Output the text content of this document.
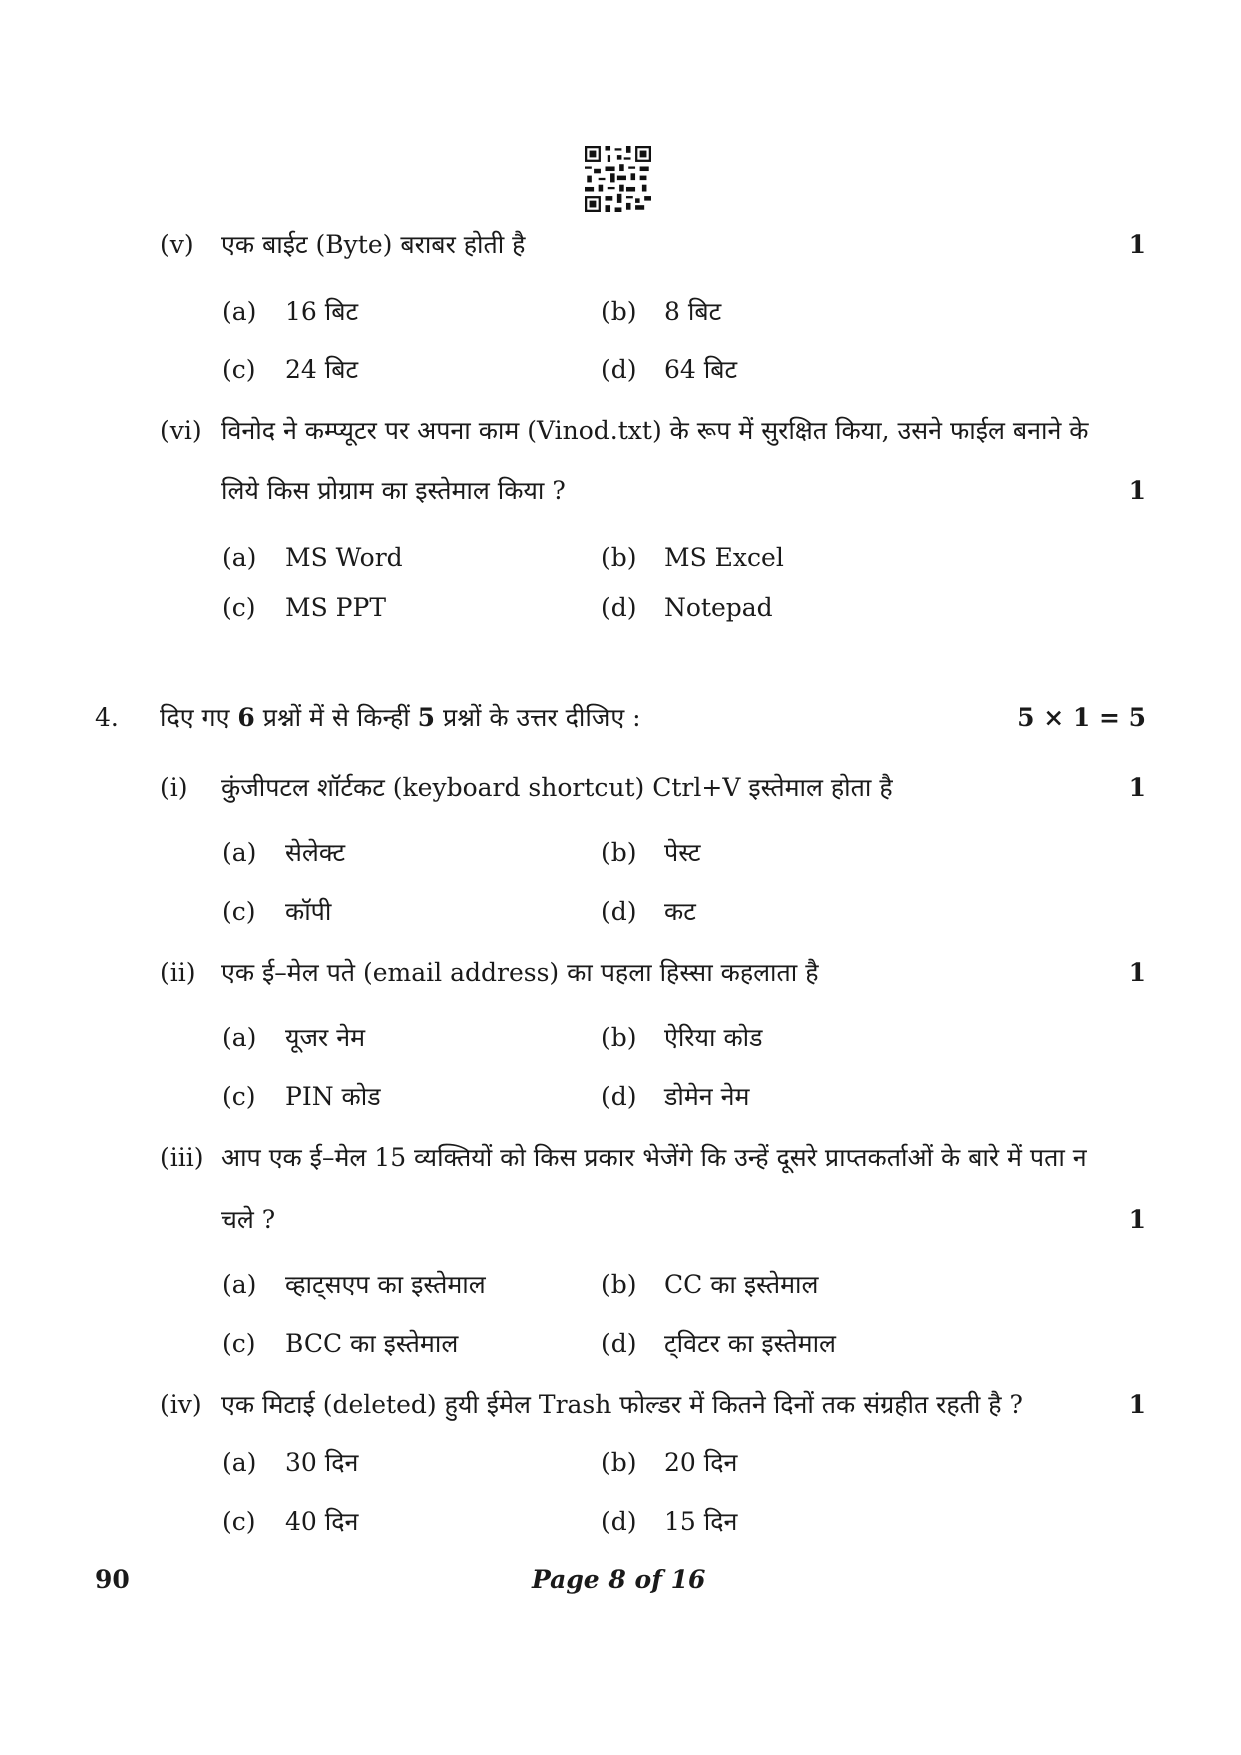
(v) एक बाईट (Byte) बराबर होती है	1
(a) 16 बिट	(b) 8 बिट
(c) 24 बिट	(d) 64 बिट
(vi) विनोद ने कम्प्यूटर पर अपना काम (Vinod.txt) के रूप में सुरक्षित किया, उसने फाईल बनाने के
लिये किस प्रोग्राम का इस्तेमाल किया ?	1
(a) MS Word	(b) MS Excel
(c) MS PPT	(d) Notepad
4. दिए गए 6 प्रश्नों में से किन्हीं 5 प्रश्नों के उत्तर दीजिए :	5 × 1 = 5
(i) कुंजीपटल शॉर्टकट (keyboard shortcut) Ctrl+V इस्तेमाल होता है	1
(a) सेलेक्ट	(b) पेस्ट
(c) कॉपी	(d) कट
(ii) एक ई–मेल पते (email address) का पहला हिस्सा कहलाता है	1
(a) यूजर नेम	(b) ऐरिया कोड
(c) PIN कोड	(d) डोमेन नेम
(iii) आप एक ई–मेल 15 व्यक्तियों को किस प्रकार भेजेंगे कि उन्हें दूसरे प्राप्तकर्ताओं के बारे में पता न
चले ?	1
(a) व्हाट्सएप का इस्तेमाल	(b) CC का इस्तेमाल
(c) BCC का इस्तेमाल	(d) ट्विटर का इस्तेमाल
(iv) एक मिटाई (deleted) हुयी ईमेल Trash फोल्डर में कितने दिनों तक संग्रहीत रहती है ?	1
(a) 30 दिन	(b) 20 दिन
(c) 40 दिन	(d) 15 दिन
90	Page 8 of 16
